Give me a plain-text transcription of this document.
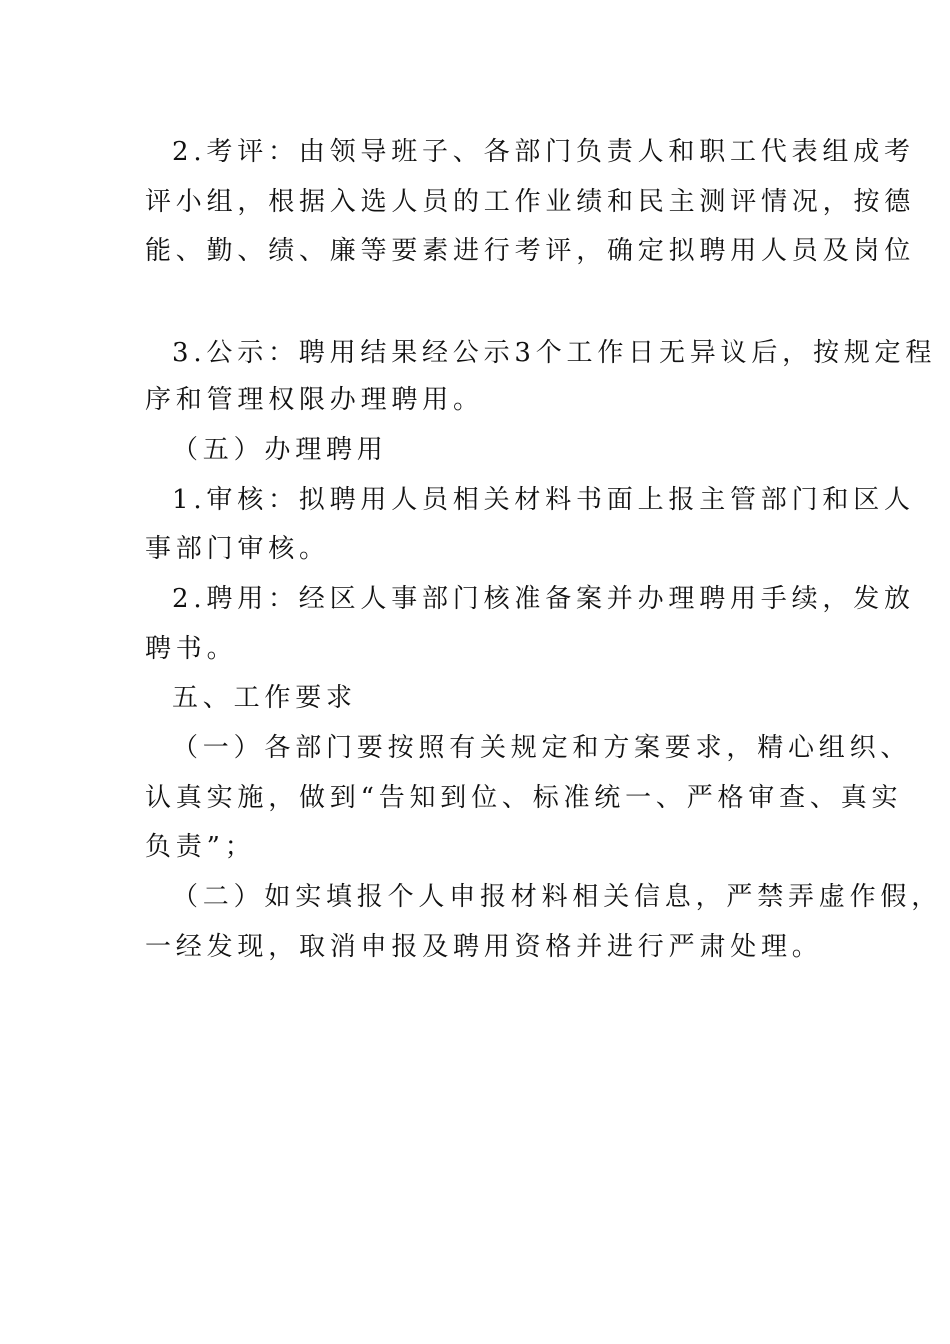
2.考评：由领导班子、各部门负责人和职工代表组成考
评小组，根据入选人员的工作业绩和民主测评情况，按德
能、勤、绩、廉等要素进行考评，确定拟聘用人员及岗位
3.公示：聘用结果经公示3个工作日无异议后，按规定程
序和管理权限办理聘用。
（五）办理聘用
1.审核：拟聘用人员相关材料书面上报主管部门和区人
事部门审核。
2.聘用：经区人事部门核准备案并办理聘用手续，发放
聘书。
五、工作要求
（一）各部门要按照有关规定和方案要求，精心组织、
认真实施，做到“告知到位、标准统一、严格审查、真实
负责”；
（二）如实填报个人申报材料相关信息，严禁弄虚作假，
一经发现，取消申报及聘用资格并进行严肃处理。
